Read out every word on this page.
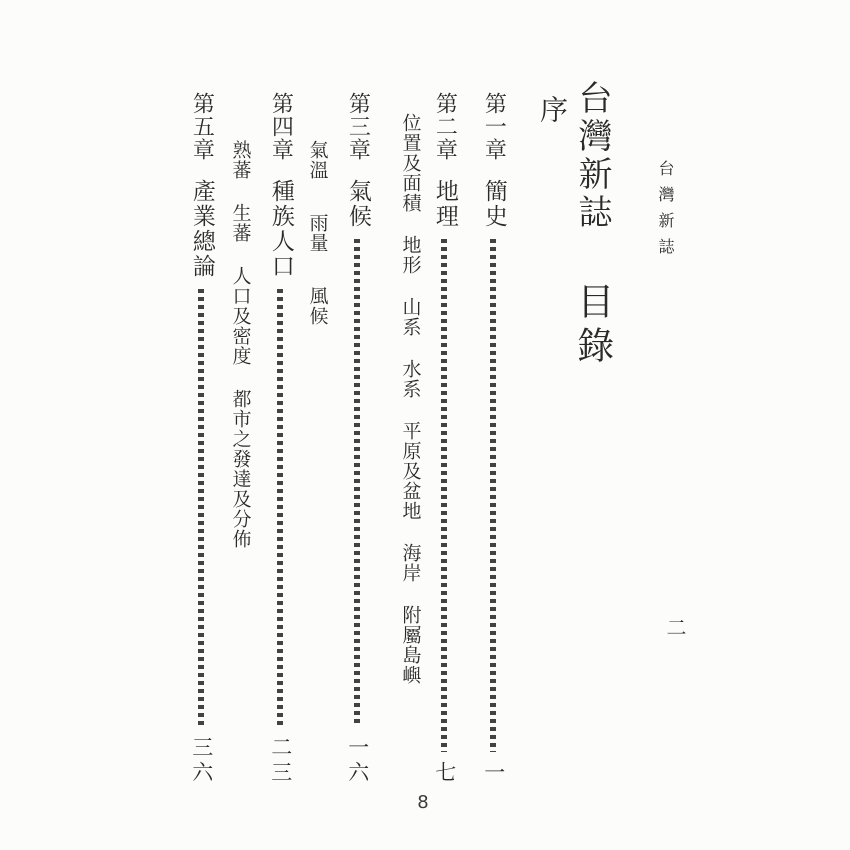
台灣新誌
台灣新誌
目錄
序
第一章
簡史
一
第二章
地理
七
位置及面積
地形
山系
水系
平原及盆地
海岸
附屬島嶼
第三章
氣候
一六
氣溫
雨量
風候
第四章
種族人口
二三
熟蕃
生蕃
人口及密度
都市之發達及分佈
第五章
產業總論
三六
二
8
